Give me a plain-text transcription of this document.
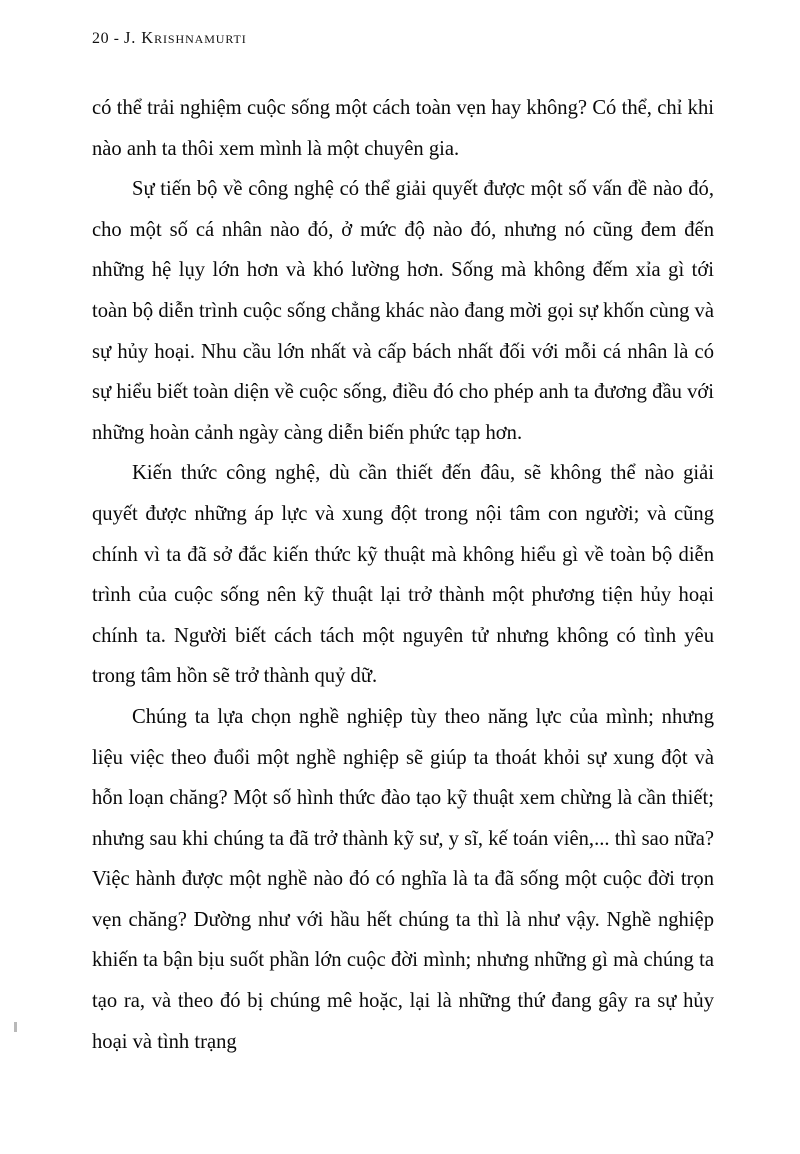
20 - J. Krishnamurti

có thể trải nghiệm cuộc sống một cách toàn vẹn hay không? Có thể, chỉ khi nào anh ta thôi xem mình là một chuyên gia.

Sự tiến bộ về công nghệ có thể giải quyết được một số vấn đề nào đó, cho một số cá nhân nào đó, ở mức độ nào đó, nhưng nó cũng đem đến những hệ lụy lớn hơn và khó lường hơn. Sống mà không đếm xỉa gì tới toàn bộ diễn trình cuộc sống chẳng khác nào đang mời gọi sự khốn cùng và sự hủy hoại. Nhu cầu lớn nhất và cấp bách nhất đối với mỗi cá nhân là có sự hiểu biết toàn diện về cuộc sống, điều đó cho phép anh ta đương đầu với những hoàn cảnh ngày càng diễn biến phức tạp hơn.

Kiến thức công nghệ, dù cần thiết đến đâu, sẽ không thể nào giải quyết được những áp lực và xung đột trong nội tâm con người; và cũng chính vì ta đã sở đắc kiến thức kỹ thuật mà không hiểu gì về toàn bộ diễn trình của cuộc sống nên kỹ thuật lại trở thành một phương tiện hủy hoại chính ta. Người biết cách tách một nguyên tử nhưng không có tình yêu trong tâm hồn sẽ trở thành quỷ dữ.

Chúng ta lựa chọn nghề nghiệp tùy theo năng lực của mình; nhưng liệu việc theo đuổi một nghề nghiệp sẽ giúp ta thoát khỏi sự xung đột và hỗn loạn chăng? Một số hình thức đào tạo kỹ thuật xem chừng là cần thiết; nhưng sau khi chúng ta đã trở thành kỹ sư, y sĩ, kế toán viên,... thì sao nữa? Việc hành được một nghề nào đó có nghĩa là ta đã sống một cuộc đời trọn vẹn chăng? Dường như với hầu hết chúng ta thì là như vậy. Nghề nghiệp khiến ta bận bịu suốt phần lớn cuộc đời mình; nhưng những gì mà chúng ta tạo ra, và theo đó bị chúng mê hoặc, lại là những thứ đang gây ra sự hủy hoại và tình trạng
